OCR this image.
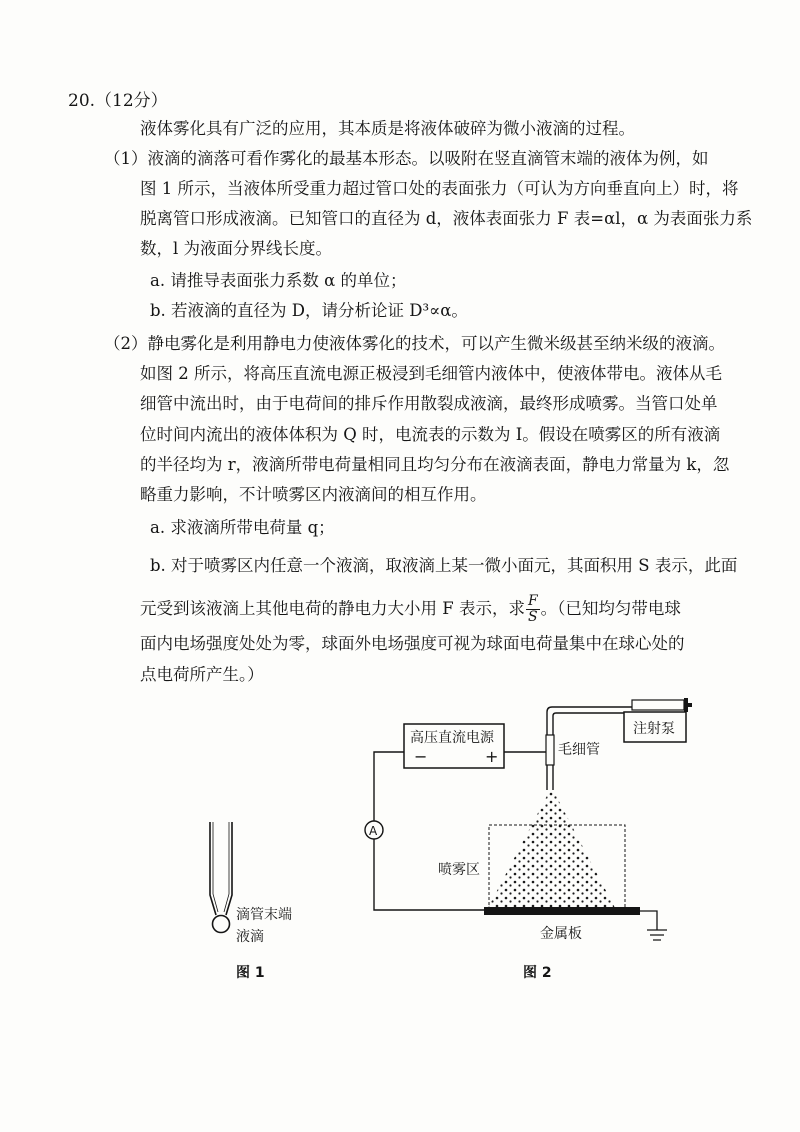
20.（12分）
液体雾化具有广泛的应用，其本质是将液体破碎为微小液滴的过程。
（1）液滴的滴落可看作雾化的最基本形态。以吸附在竖直滴管末端的液体为例，如
图 1 所示，当液体所受重力超过管口处的表面张力（可认为方向垂直向上）时，将
脱离管口形成液滴。已知管口的直径为 d，液体表面张力 F 表=αl，α 为表面张力系
数，l 为液面分界线长度。
a. 请推导表面张力系数 α 的单位；
b. 若液滴的直径为 D，请分析论证 D³∝α。
（2）静电雾化是利用静电力使液体雾化的技术，可以产生微米级甚至纳米级的液滴。
如图 2 所示，将高压直流电源正极浸到毛细管内液体中，使液体带电。液体从毛
细管中流出时，由于电荷间的排斥作用散裂成液滴，最终形成喷雾。当管口处单
位时间内流出的液体体积为 Q 时，电流表的示数为 I。假设在喷雾区的所有液滴
的半径均为 r，液滴所带电荷量相同且均匀分布在液滴表面，静电力常量为 k，忽
略重力影响，不计喷雾区内液滴间的相互作用。
a. 求液滴所带电荷量 q；
b. 对于喷雾区内任意一个液滴，取液滴上某一微小面元，其面积用 S 表示，此面
元受到该液滴上其他电荷的静电力大小用 F 表示，求 $\frac{F}{S}$ 。（已知均匀带电球
面内电场强度处处为零，球面外电场强度可视为球面电荷量集中在球心处的
点电荷所产生。）
滴管末端
液滴
图 1
高压直流电源
−	+
A
毛细管
注射泵
喷雾区
金属板
图 2
